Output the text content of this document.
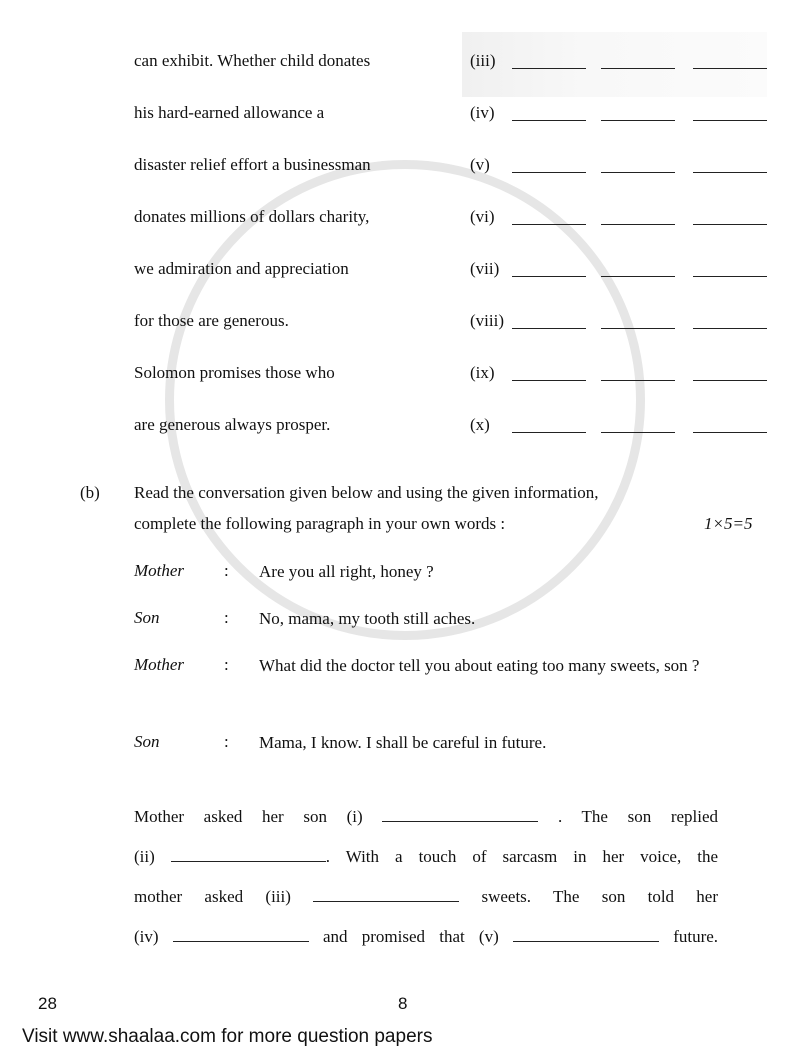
can exhibit. Whether child donates	(iii)
his hard-earned allowance a	(iv)
disaster relief effort a businessman	(v)
donates millions of dollars charity,	(vi)
we admiration and appreciation	(vii)
for those are generous.	(viii)
Solomon promises those who	(ix)
are generous always prosper.	(x)
(b) Read the conversation given below and using the given information,
complete the following paragraph in your own words :	1×5=5
Mother : Are you all right, honey ?
Son	: No, mama, my tooth still aches.
Mother : What did the doctor tell you about eating too many sweets, son ?
Son	: Mama, I know. I shall be careful in future.
Mother asked her son (i)	. The son replied
(ii)	. With a touch of sarcasm in her voice, the
mother asked (iii)	sweets. The son told her
(iv)	and promised that (v)	future.
28	8
Visit www.shaalaa.com for more question papers
